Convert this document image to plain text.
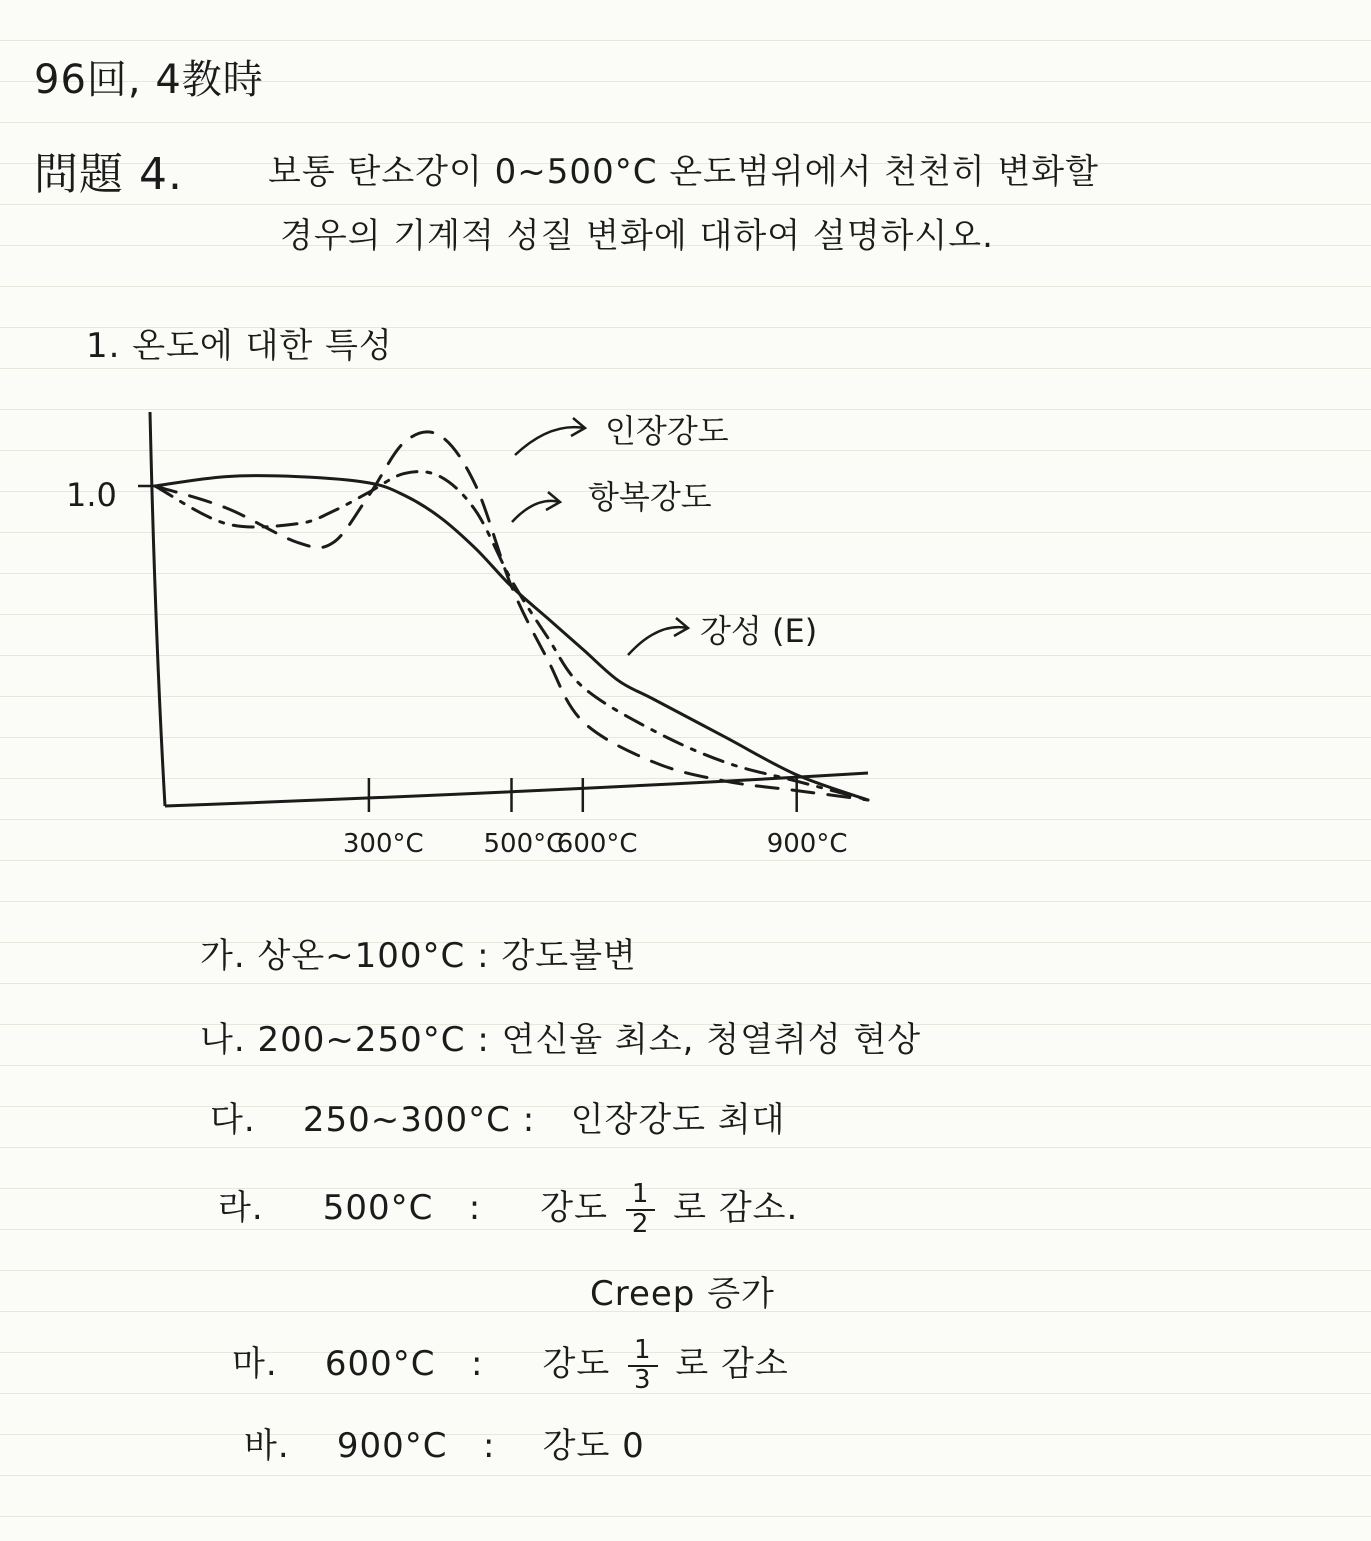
96回, 4教時
問題 4.	보통 탄소강이 0~500°C 온도범위에서 천천히 변화할
경우의 기계적 성질 변화에 대하여 설명하시오.
1. 온도에 대한 특성
1.0
300°C 500°C
600°C	900°C
인장강도
항복강도
강성 (E)
가. 상온~100°C : 강도불변
나. 200~250°C : 연신율 최소, 청열취성 현상
다. 250~300°C : 인장강도 최대
라. 500°C : 강도 $\frac{1}{2}$ 로 감소.
Creep 증가
마. 600°C : 강도 $\frac{1}{3}$ 로 감소
바. 900°C : 강도 0
